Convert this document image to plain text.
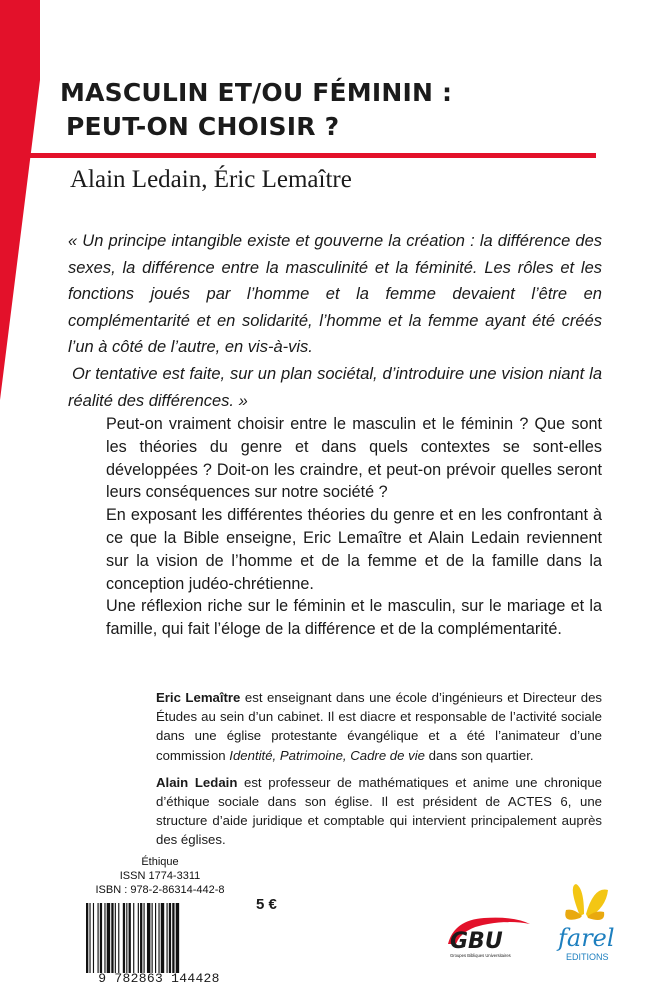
MASCULIN ET/OU FÉMININ :
PEUT-ON CHOISIR ?
Alain Ledain, Éric Lemaître

« Un principe intangible existe et gouverne la création : la différence des sexes, la différence entre la masculinité et la féminité. Les rôles et les fonctions joués par l’homme et la femme devaient l’être en complémentarité et en solidarité, l’homme et la femme ayant été créés l’un à côté de l’autre, en vis-à-vis.

Or tentative est faite, sur un plan sociétal, d’introduire une vision niant la réalité des différences. »

Peut-on vraiment choisir entre le masculin et le féminin ? Que sont les théories du genre et dans quels contextes se sont-elles développées ? Doit-on les craindre, et peut-on prévoir quelles seront leurs conséquences sur notre société ?

En exposant les différentes théories du genre et en les confrontant à ce que la Bible enseigne, Eric Lemaître et Alain Ledain reviennent sur la vision de l’homme et de la femme et de la famille dans la conception judéo-chrétienne.

Une réflexion riche sur le féminin et le masculin, sur le mariage et la famille, qui fait l’éloge de la différence et de la complémentarité.

Eric Lemaître est enseignant dans une école d’ingénieurs et Directeur des Études au sein d’un cabinet. Il est diacre et responsable de l’activité sociale dans une église protestante évangélique et a été l’animateur d’une commission Identité, Patrimoine, Cadre de vie dans son quartier.

Alain Ledain est professeur de mathématiques et anime une chronique d’éthique sociale dans son église. Il est président de ACTES 6, une structure d’aide juridique et comptable qui intervient principalement auprès des églises.

Éthique
ISSN 1774-3311
ISBN : 978-2-86314-442-8
9 782863 144428
5 €
GBU
Groupes Bibliques Universitaires
farel
EDITIONS
